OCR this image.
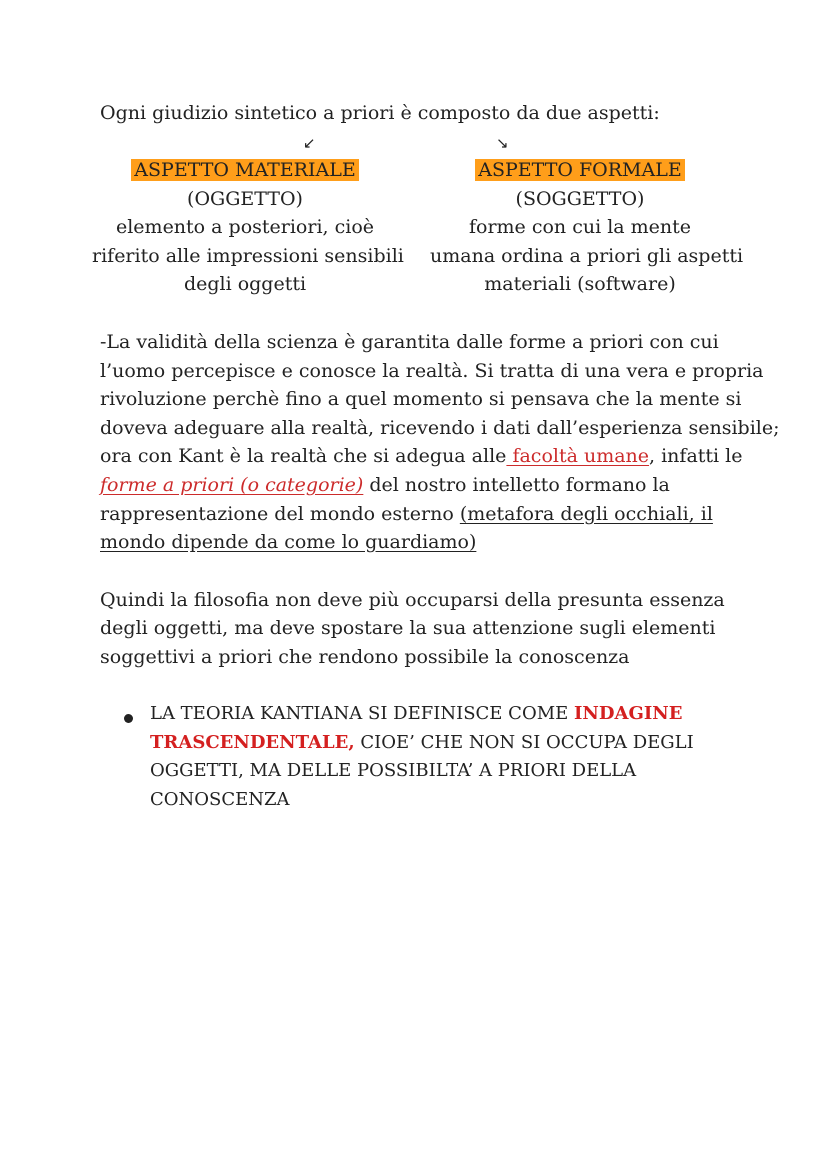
Ogni giudizio sintetico a priori è composto da due aspetti:
↙	↘
ASPETTO MATERIALE
(OGGETTO)
elemento a posteriori, cioè
riferito alle impressioni sensibili
degli oggetti
ASPETTO FORMALE
(SOGGETTO)
forme con cui la mente
umana ordina a priori gli aspetti
materiali (software)
-La validità della scienza è garantita dalle forme a priori con cui
l’uomo percepisce e conosce la realtà. Si tratta di una vera e propria
rivoluzione perchè fino a quel momento si pensava che la mente si
doveva adeguare alla realtà, ricevendo i dati dall’esperienza sensibile;
ora con Kant è la realtà che si adegua alle facoltà umane, infatti le
forme a priori (o categorie) del nostro intelletto formano la
rappresentazione del mondo esterno (metafora degli occhiali, il
mondo dipende da come lo guardiamo)
Quindi la filosofia non deve più occuparsi della presunta essenza
degli oggetti, ma deve spostare la sua attenzione sugli elementi
soggettivi a priori che rendono possibile la conoscenza
LA TEORIA KANTIANA SI DEFINISCE COME INDAGINE
TRASCENDENTALE, CIOE’ CHE NON SI OCCUPA DEGLI
OGGETTI, MA DELLE POSSIBILTA’ A PRIORI DELLA
CONOSCENZA
